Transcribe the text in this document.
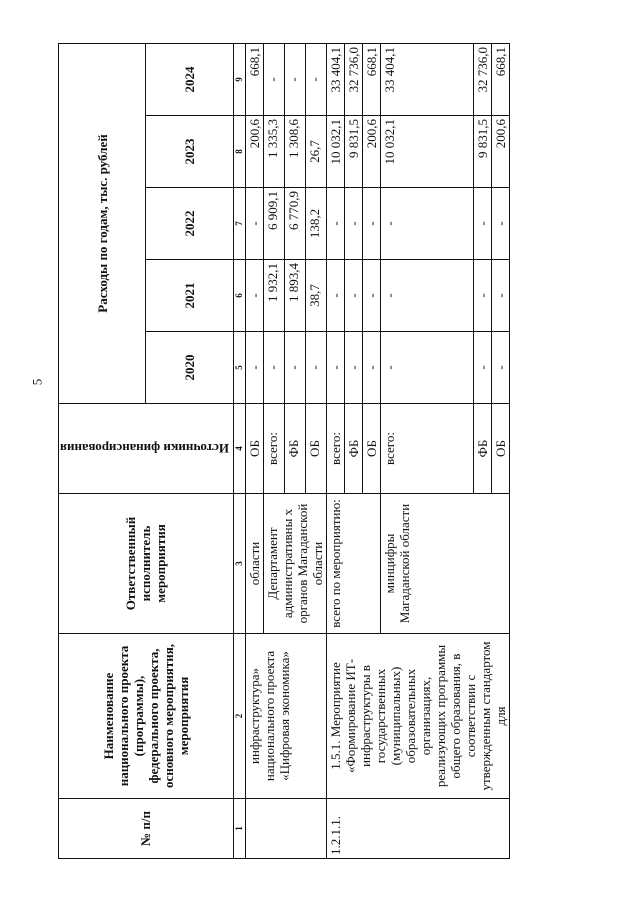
5
№ п/п	Наименование национального проекта (программы), федерального проекта, основного мероприятия, мероприятия	Ответственный исполнитель мероприятия	Источники финансирования	Расходы по годам, тыс. рублей				
				2020	2021	2022	2023	2024
1	2	3	4	5	6	7	8	9
	инфраструктура» национального проекта «Цифровая экономика»	области	ОБ	-	-	-	200,6	668,1
		Департамент административны х органов Магаданской области	всего:	-	1 932,1	6 909,1	1 335,3	-
			ФБ	-	1 893,4	6 770,9	1 308,6	-
			ОБ	-	38,7	138,2	26,7	-
1.2.1.1.	1.5.1. Мероприятие «Формирование ИТ-инфраструктуры в государственных (муниципальных) образовательных организациях, реализующих программы общего образования, в соответствии с утвержденным стандартом для	всего по мероприятию:	всего:	-	-	-	10 032,1	33 404,1
			ФБ	-	-	-	9 831,5	32 736,0
			ОБ	-	-	-	200,6	668,1
		минцифры Магаданской области	всего:	-	-	-	10 032,1	33 404,1
			ФБ	-	-	-	9 831,5	32 736,0
			ОБ	-	-	-	200,6	668,1
